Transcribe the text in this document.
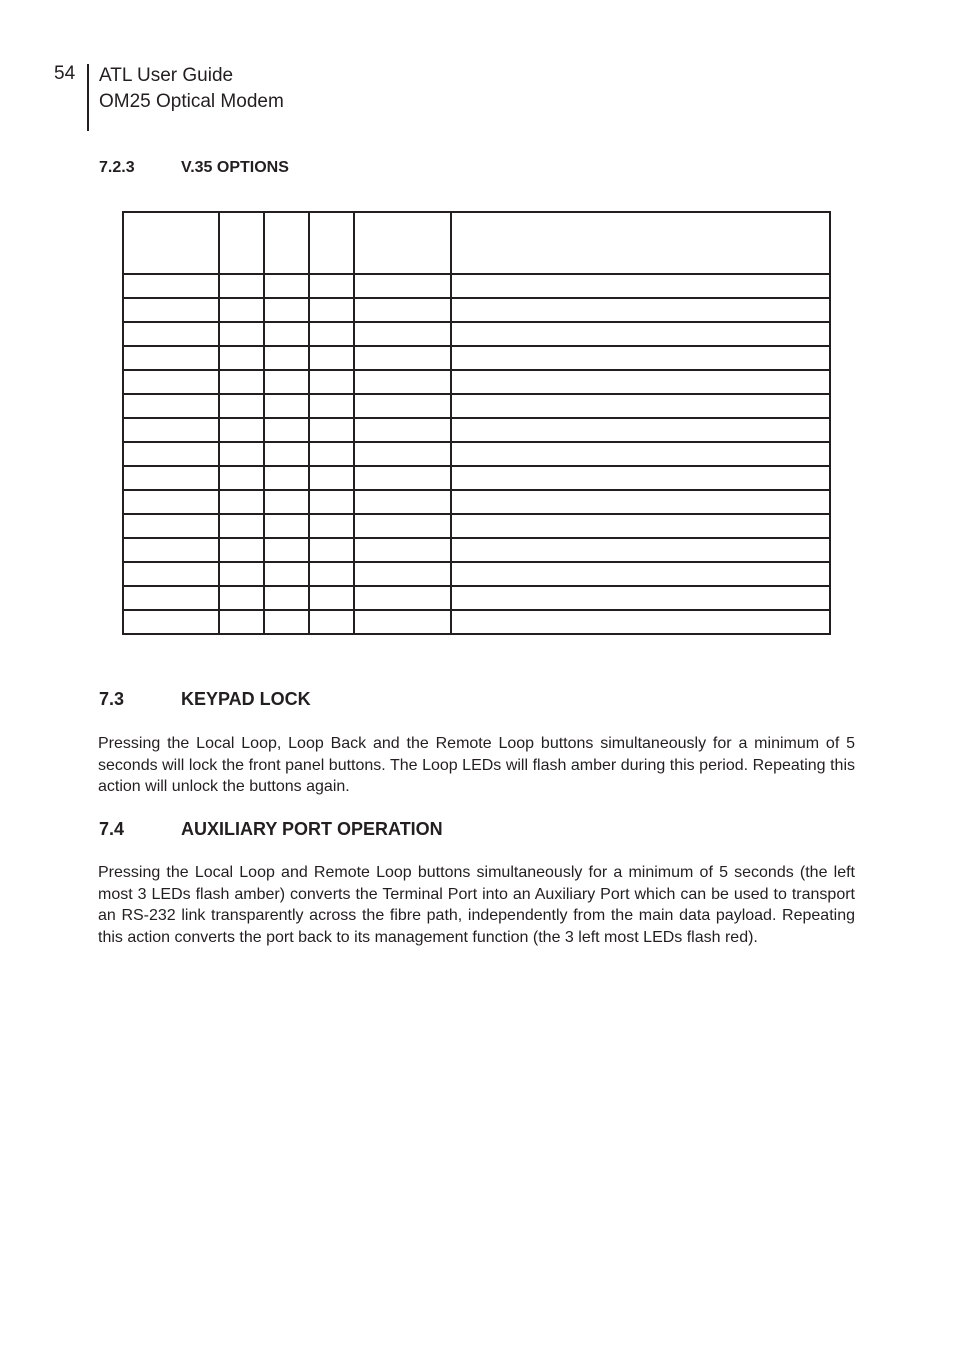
54 ATL User Guide
OM25 Optical Modem
7.2.3	V.35 OPTIONS

7.3	KEYPAD LOCK

Pressing the Local Loop, Loop Back and the Remote Loop buttons simultaneously for a minimum of 5 seconds will lock the front panel buttons. The Loop LEDs will flash amber during this period. Repeating this action will unlock the buttons again.

7.4	AUXILIARY PORT OPERATION

Pressing the Local Loop and Remote Loop buttons simultaneously for a minimum of 5 seconds (the left most 3 LEDs flash amber) converts the Terminal Port into an Auxiliary Port which can be used to transport an RS-232 link transparently across the fibre path, independently from the main data payload. Repeating this action converts the port back to its management function (the 3 left most LEDs flash red).
